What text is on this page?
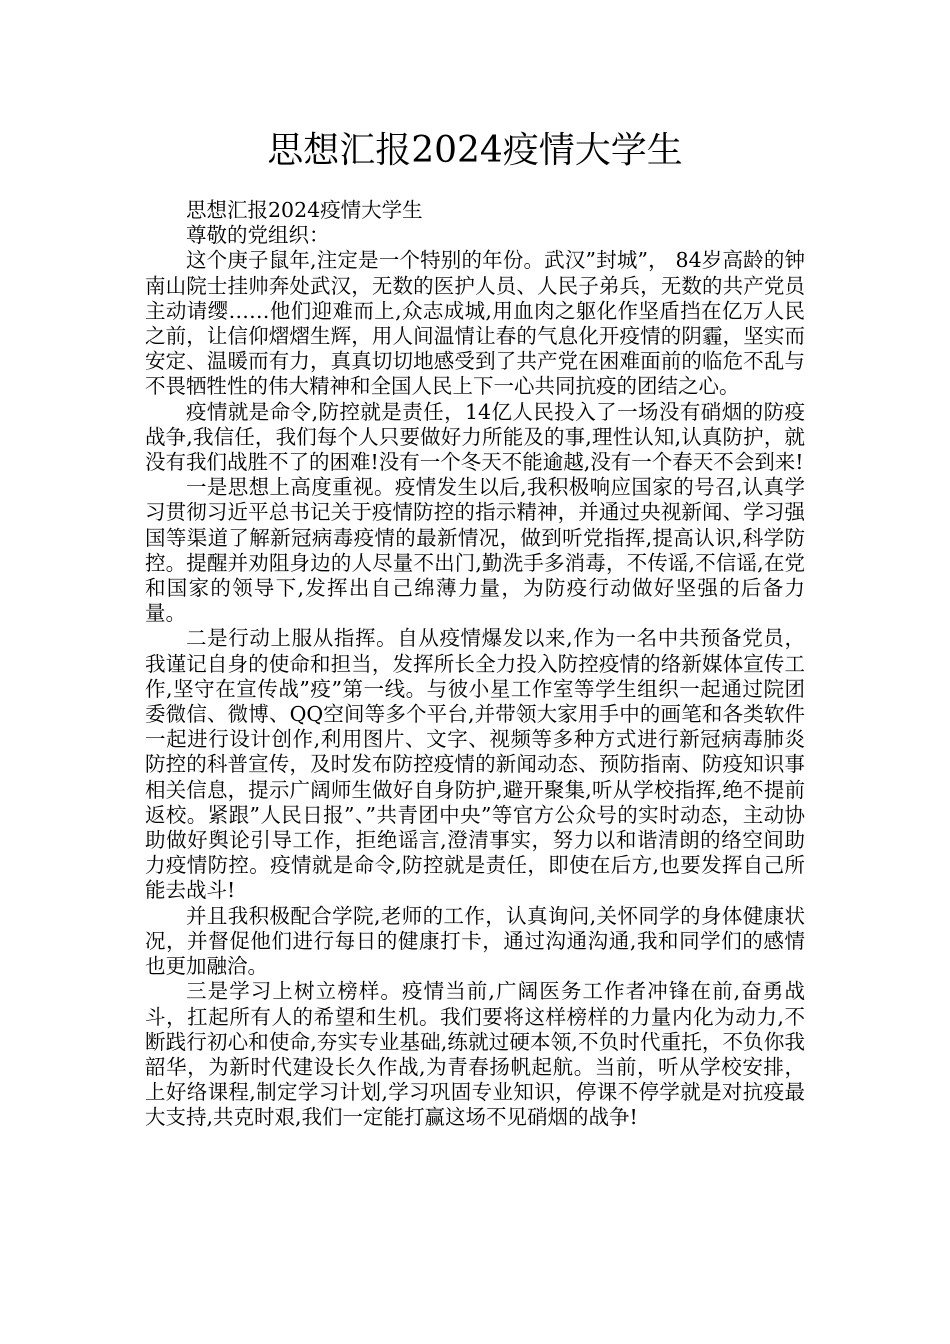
思想汇报2024疫情大学生

思想汇报2024疫情大学生

尊敬的党组织：

这个庚子鼠年,注定是一个特别的年份。武汉”封城”， 84岁高龄的钟南山院士挂帅奔处武汉，无数的医护人员、人民子弟兵，无数的共产党员主动请缨……他们迎难而上,众志成城,用血肉之躯化作坚盾挡在亿万人民之前，让信仰熠熠生辉，用人间温情让春的气息化开疫情的阴霾，坚实而安定、温暖而有力，真真切切地感受到了共产党在困难面前的临危不乱与不畏牺牲性的伟大精神和全国人民上下一心共同抗疫的团结之心。

疫情就是命令,防控就是责任，14亿人民投入了一场没有硝烟的防疫战争,我信任，我们每个人只要做好力所能及的事,理性认知,认真防护，就没有我们战胜不了的困难!没有一个冬天不能逾越,没有一个春天不会到来!

一是思想上高度重视。疫情发生以后,我积极响应国家的号召,认真学习贯彻习近平总书记关于疫情防控的指示精神，并通过央视新闻、学习强国等渠道了解新冠病毒疫情的最新情况，做到听党指挥,提高认识,科学防控。提醒并劝阻身边的人尽量不出门,勤洗手多消毒，不传谣,不信谣,在党和国家的领导下,发挥出自己绵薄力量，为防疫行动做好坚强的后备力量。

二是行动上服从指挥。自从疫情爆发以来,作为一名中共预备党员，我谨记自身的使命和担当，发挥所长全力投入防控疫情的络新媒体宣传工作,坚守在宣传战”疫”第一线。与彼小星工作室等学生组织一起通过院团委微信、微博、QQ空间等多个平台,并带领大家用手中的画笔和各类软件一起进行设计创作,利用图片、文字、视频等多种方式进行新冠病毒肺炎防控的科普宣传，及时发布防控疫情的新闻动态、预防指南、防疫知识事相关信息，提示广阔师生做好自身防护,避开聚集,听从学校指挥,绝不提前返校。紧跟”人民日报”、”共青团中央”等官方公众号的实时动态，主动协助做好舆论引导工作，拒绝谣言,澄清事实，努力以和谐清朗的络空间助力疫情防控。疫情就是命令,防控就是责任，即使在后方,也要发挥自己所能去战斗!

并且我积极配合学院,老师的工作，认真询问,关怀同学的身体健康状况，并督促他们进行每日的健康打卡，通过沟通沟通,我和同学们的感情也更加融洽。

三是学习上树立榜样。疫情当前,广阔医务工作者冲锋在前,奋勇战斗，扛起所有人的希望和生机。我们要将这样榜样的力量内化为动力,不断践行初心和使命,夯实专业基础,练就过硬本领,不负时代重托，不负你我韶华，为新时代建设长久作战,为青春扬帆起航。当前，听从学校安排，上好络课程,制定学习计划,学习巩固专业知识，停课不停学就是对抗疫最大支持,共克时艰,我们一定能打赢这场不见硝烟的战争!
